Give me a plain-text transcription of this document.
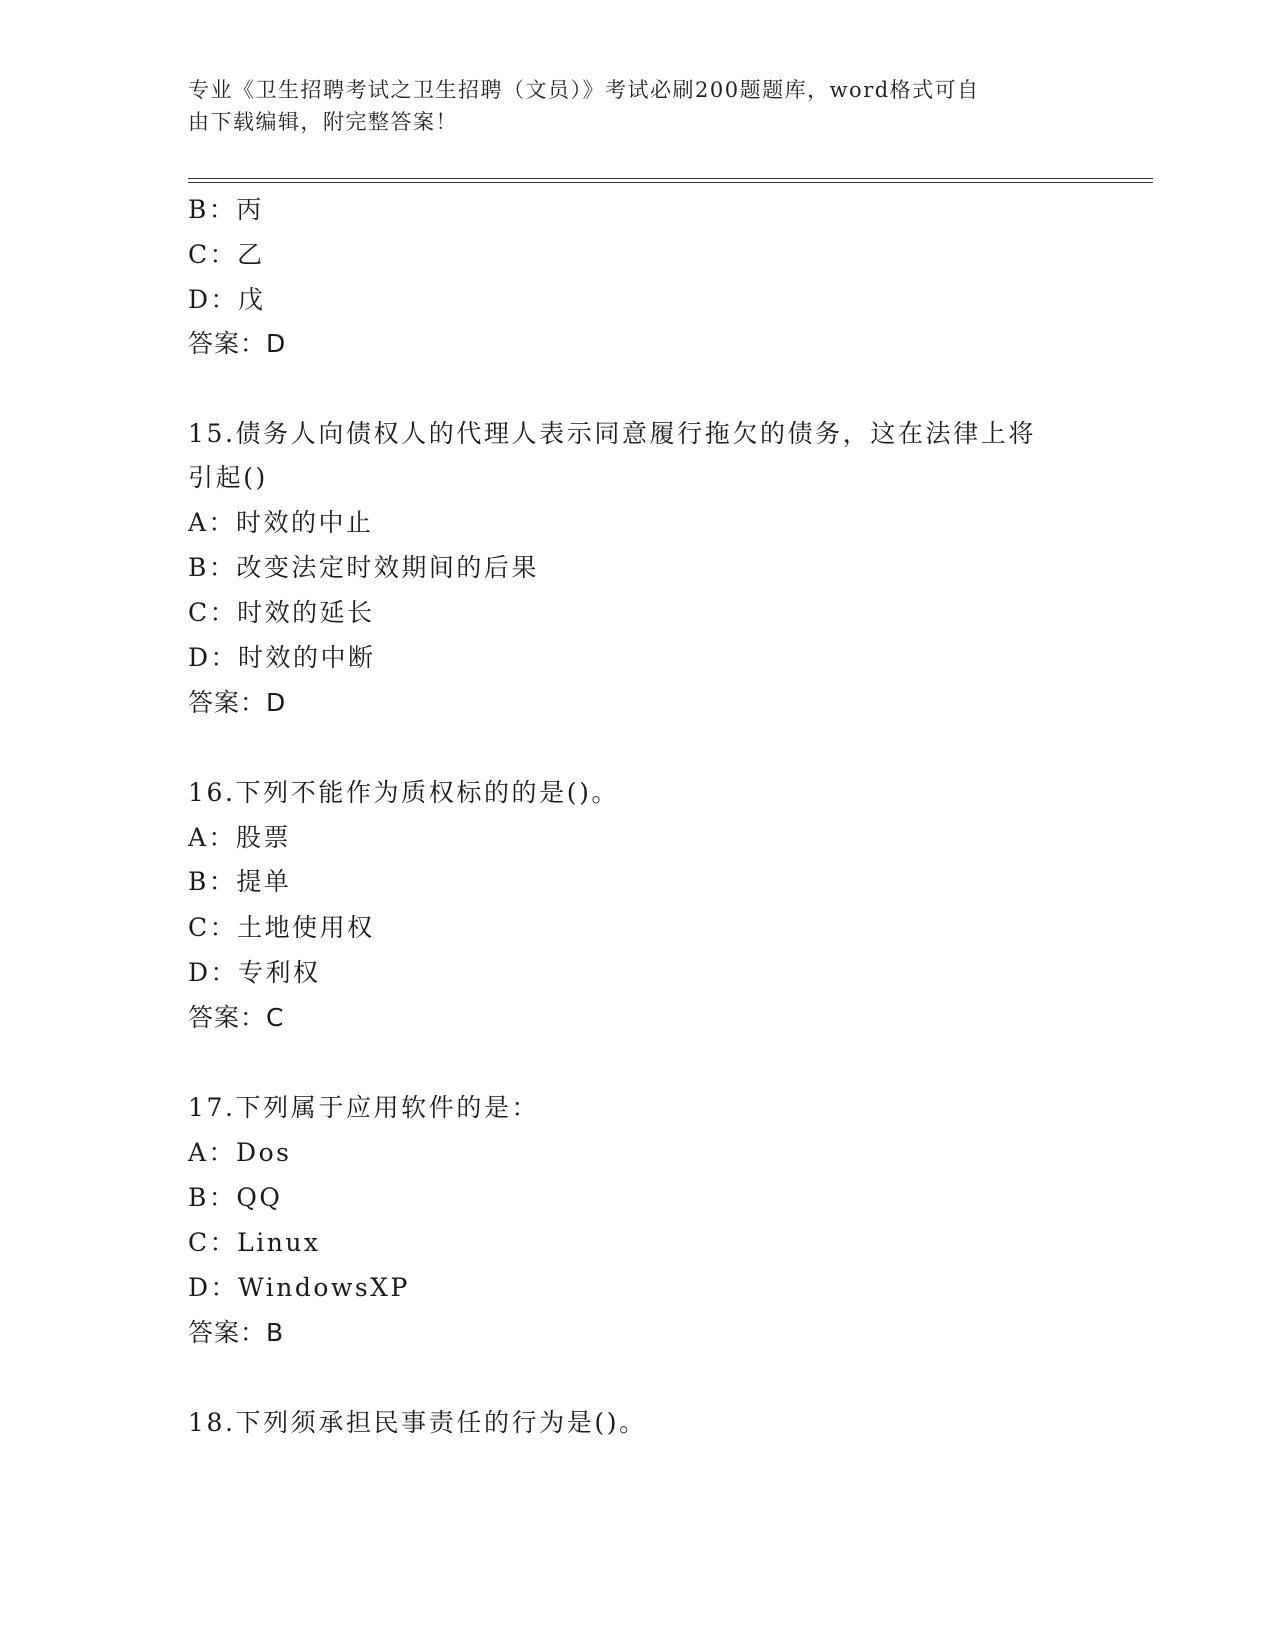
专业《卫生招聘考试之卫生招聘（文员）》考试必刷200题题库，word格式可自
由下载编辑，附完整答案！
B：丙
C：乙
D：戊
答案：D
15.债务人向债权人的代理人表示同意履行拖欠的债务，这在法律上将
引起()
A：时效的中止
B：改变法定时效期间的后果
C：时效的延长
D：时效的中断
答案：D
16.下列不能作为质权标的的是()。
A：股票
B：提单
C：土地使用权
D：专利权
答案：C
17.下列属于应用软件的是：
A：Dos
B：QQ
C：Linux
D：WindowsXP
答案：B
18.下列须承担民事责任的行为是()。
